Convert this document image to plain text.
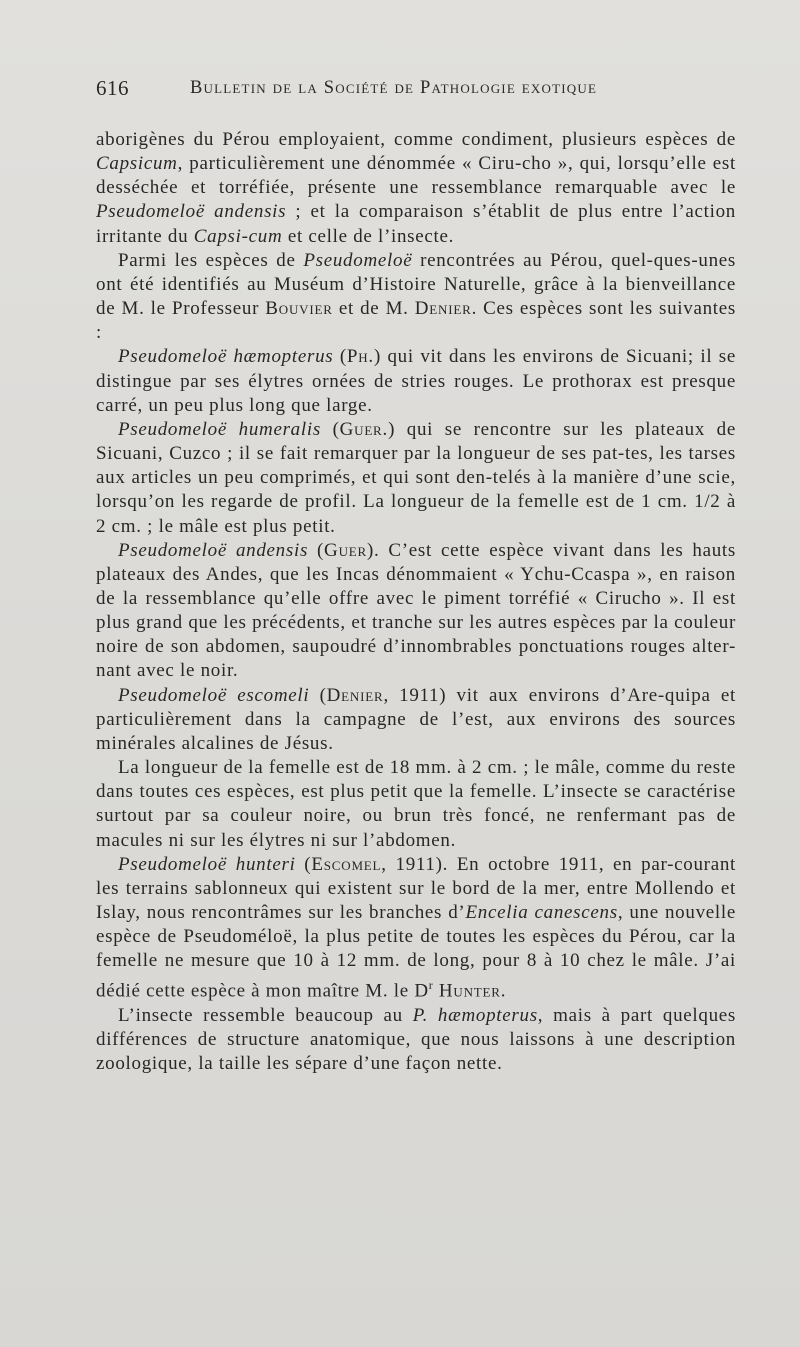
616	Bulletin de la Société de Pathologie exotique

aborigènes du Pérou employaient, comme condiment, plusieurs espèces de Capsicum, particulièrement une dénommée « Ciru-cho », qui, lorsqu’elle est desséchée et torréfiée, présente une ressemblance remarquable avec le Pseudomeloë andensis ; et la comparaison s’établit de plus entre l’action irritante du Capsi-cum et celle de l’insecte.

Parmi les espèces de Pseudomeloë rencontrées au Pérou, quel-ques-unes ont été identifiés au Muséum d’Histoire Naturelle, grâce à la bienveillance de M. le Professeur Bouvier et de M. Denier. Ces espèces sont les suivantes :

Pseudomeloë hæmopterus (Ph.) qui vit dans les environs de Sicuani; il se distingue par ses élytres ornées de stries rouges. Le prothorax est presque carré, un peu plus long que large.

Pseudomeloë humeralis (Guer.) qui se rencontre sur les plateaux de Sicuani, Cuzco ; il se fait remarquer par la longueur de ses pat-tes, les tarses aux articles un peu comprimés, et qui sont den-telés à la manière d’une scie, lorsqu’on les regarde de profil. La longueur de la femelle est de 1 cm. 1/2 à 2 cm. ; le mâle est plus petit.

Pseudomeloë andensis (Guer). C’est cette espèce vivant dans les hauts plateaux des Andes, que les Incas dénommaient « Ychu-Ccaspa », en raison de la ressemblance qu’elle offre avec le piment torréfié « Cirucho ». Il est plus grand que les précédents, et tranche sur les autres espèces par la couleur noire de son abdomen, saupoudré d’innombrables ponctuations rouges alter-nant avec le noir.

Pseudomeloë escomeli (Denier, 1911) vit aux environs d’Are-quipa et particulièrement dans la campagne de l’est, aux environs des sources minérales alcalines de Jésus.

La longueur de la femelle est de 18 mm. à 2 cm. ; le mâle, comme du reste dans toutes ces espèces, est plus petit que la femelle. L’insecte se caractérise surtout par sa couleur noire, ou brun très foncé, ne renfermant pas de macules ni sur les élytres ni sur l’abdomen.

Pseudomeloë hunteri (Escomel, 1911). En octobre 1911, en par-courant les terrains sablonneux qui existent sur le bord de la mer, entre Mollendo et Islay, nous rencontrâmes sur les branches d’Encelia canescens, une nouvelle espèce de Pseudoméloë, la plus petite de toutes les espèces du Pérou, car la femelle ne mesure que 10 à 12 mm. de long, pour 8 à 10 chez le mâle. J’ai dédié cette espèce à mon maître M. le $D^r$ Hunter.

L’insecte ressemble beaucoup au P. hæmopterus, mais à part quelques différences de structure anatomique, que nous laissons à une description zoologique, la taille les sépare d’une façon nette.
